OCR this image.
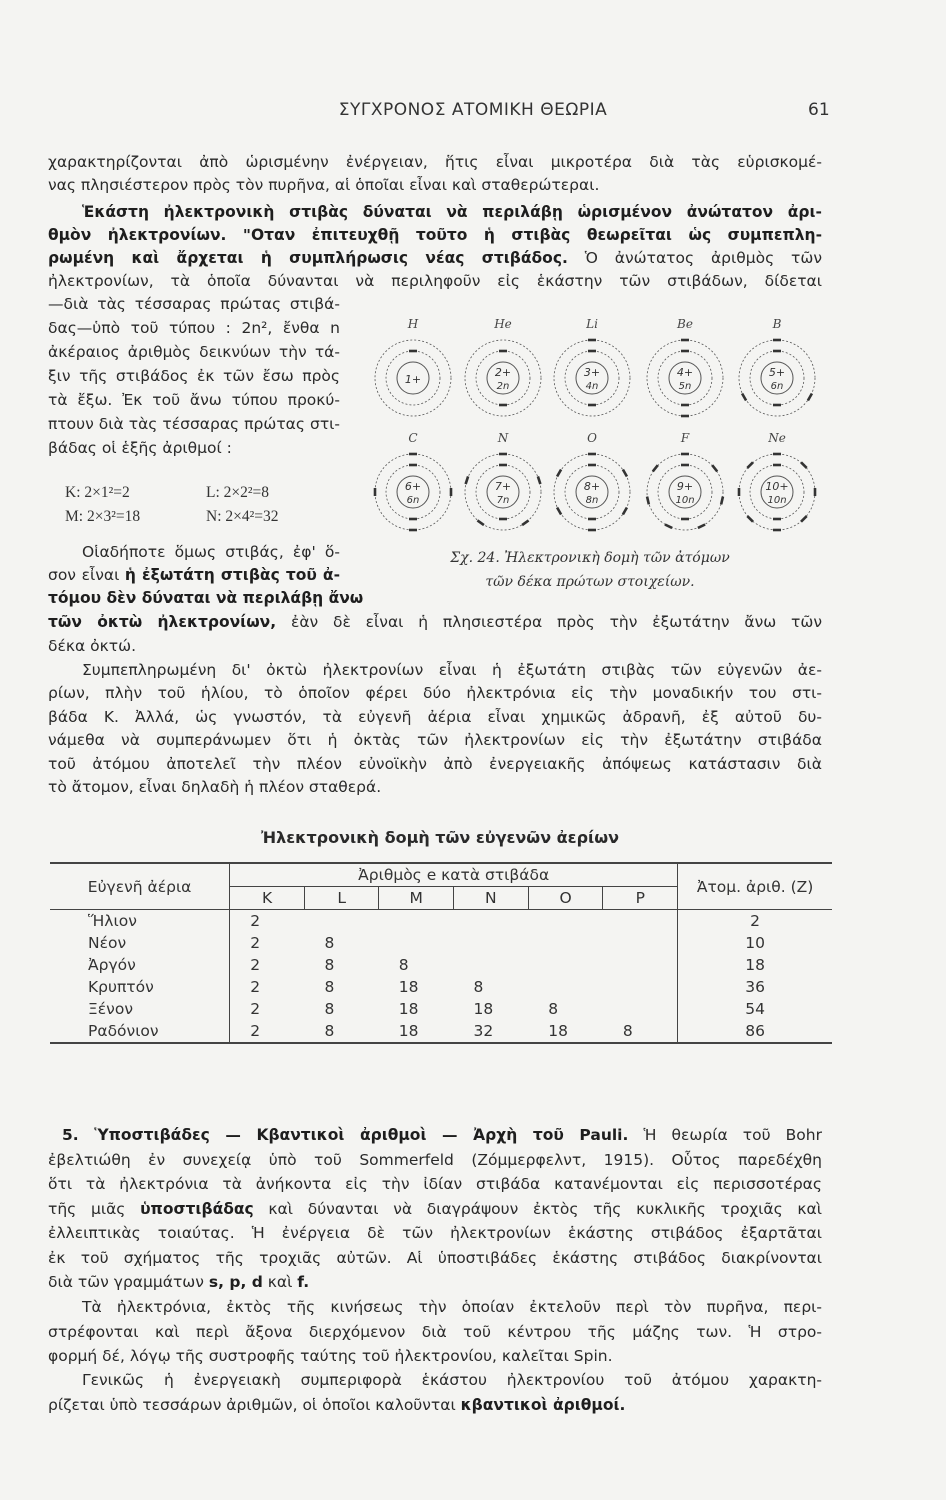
ΣΥΓΧΡΟΝΟΣ ΑΤΟΜΙΚΗ ΘΕΩΡΙΑ	61
χαρακτηρίζονται ἀπὸ ὡρισμένην ἐνέργειαν, ἥτις εἶναι μικροτέρα διὰ τὰς εὑρισκομέ-
νας πλησιέστερον πρὸς τὸν πυρῆνα, αἱ ὁποῖαι εἶναι καὶ σταθερώτεραι.
Ἑκάστη ἠλεκτρονικὴ στιβὰς δύναται νὰ περιλάβῃ ὡρισμένον ἀνώτατον ἀρι-
θμὸν ἠλεκτρονίων. "Οταν ἐπιτευχθῇ τοῦτο ἡ στιβὰς θεωρεῖται ὡς συμπεπλη-
ρωμένη καὶ ἄρχεται ἡ συμπλήρωσις νέας στιβάδος. Ὁ ἀνώτατος ἀριθμὸς τῶν
ἠλεκτρονίων, τὰ ὁποῖα δύνανται νὰ περιληφοῦν εἰς ἑκάστην τῶν στιβάδων, δίδεται
—διὰ τὰς τέσσαρας πρώτας στιβά-
δας—ὑπὸ τοῦ τύπου : 2n², ἔνθα n
ἀκέραιος ἀριθμὸς δεικνύων τὴν τά-
ξιν τῆς στιβάδος ἐκ τῶν ἔσω πρὸς
τὰ ἔξω. Ἐκ τοῦ ἄνω τύπου προκύ-
πτουν διὰ τὰς τέσσαρας πρώτας στι-
βάδας οἱ ἑξῆς ἀριθμοί :
Οἱαδήποτε ὅμως στιβάς, ἐφ' ὅ-
σον εἶναι ἡ ἐξωτάτη στιβὰς τοῦ ἀ-
τόμου δὲν δύναται νὰ περιλάβῃ ἄνω
τῶν ὀκτὼ ἠλεκτρονίων, ἐὰν δὲ εἶναι ἡ πλησιεστέρα πρὸς τὴν ἐξωτάτην ἄνω τῶν
δέκα ὀκτώ.
Συμπεπληρωμένη δι' ὀκτὼ ἠλεκτρονίων εἶναι ἡ ἐξωτάτη στιβὰς τῶν εὐγενῶν ἀε-
ρίων, πλὴν τοῦ ἡλίου, τὸ ὁποῖον φέρει δύο ἠλεκτρόνια εἰς τὴν μοναδικήν του στι-
βάδα K. Ἀλλά, ὡς γνωστόν, τὰ εὐγενῆ ἀέρια εἶναι χημικῶς ἀδρανῆ, ἐξ αὐτοῦ δυ-
νάμεθα νὰ συμπεράνωμεν ὅτι ἡ ὀκτὰς τῶν ἠλεκτρονίων εἰς τὴν ἐξωτάτην στιβάδα
τοῦ ἀτόμου ἀποτελεῖ τὴν πλέον εὐνοϊκὴν ἀπὸ ἐνεργειακῆς ἀπόψεως κατάστασιν διὰ
τὸ ἄτομον, εἶναι δηλαδὴ ἡ πλέον σταθερά.
5. Ὑποστιβάδες — Κβαντικοὶ ἀριθμοὶ — Ἀρχὴ τοῦ Pauli. Ἡ θεωρία τοῦ Bohr
ἐβελτιώθη ἐν συνεχείᾳ ὑπὸ τοῦ Sommerfeld (Ζόμμερφελντ, 1915). Οὗτος παρεδέχθη
ὅτι τὰ ἠλεκτρόνια τὰ ἀνήκοντα εἰς τὴν ἰδίαν στιβάδα κατανέμονται εἰς περισσοτέρας
τῆς μιᾶς ὑποστιβάδας καὶ δύνανται νὰ διαγράψουν ἐκτὸς τῆς κυκλικῆς τροχιᾶς καὶ
ἐλλειπτικὰς τοιαύτας. Ἡ ἐνέργεια δὲ τῶν ἠλεκτρονίων ἑκάστης στιβάδος ἐξαρτᾶται
ἐκ τοῦ σχήματος τῆς τροχιᾶς αὐτῶν. Αἱ ὑποστιβάδες ἑκάστης στιβάδος διακρίνονται
διὰ τῶν γραμμάτων s, p, d καὶ f.
Τὰ ἠλεκτρόνια, ἐκτὸς τῆς κινήσεως τὴν ὁποίαν ἐκτελοῦν περὶ τὸν πυρῆνα, περι-
στρέφονται καὶ περὶ ἄξονα διερχόμενον διὰ τοῦ κέντρου τῆς μάζης των. Ἡ στρο-
φορμή δέ, λόγῳ τῆς συστροφῆς ταύτης τοῦ ἠλεκτρονίου, καλεῖται Spin.
Γενικῶς ἡ ἐνεργειακὴ συμπεριφορὰ ἑκάστου ἠλεκτρονίου τοῦ ἀτόμου χαρακτη-
ρίζεται ὑπὸ τεσσάρων ἀριθμῶν, οἱ ὁποῖοι καλοῦνται κβαντικοὶ ἀριθμοί.
K: 2×1²=2	L: 2×2²=8
M: 2×3²=18	N: 2×4²=32
H
1+
He
2+
2n
Li
3+
4n
Be
4+
5n
B
5+
6n
C
6+
6n
N
7+
7n
O
8+
8n
F
9+
10n
Ne
10+
10n
Σχ. 24. Ἠλεκτρονικὴ δομὴ τῶν ἀτόμων
τῶν δέκα πρώτων στοιχείων.
Ἠλεκτρονικὴ δομὴ τῶν εὐγενῶν ἀερίων
Εὐγενῆ ἀέρια	Ἀριθμὸς e κατὰ στιβάδα						Ἀτομ. ἀριθ. (Z)
	K	L	M	N	O	P	
Ἥλιον	2						2
Νέον	2	8					10
Ἀργόν	2	8	8				18
Κρυπτόν	2	8	18	8			36
Ξένον	2	8	18	18	8		54
Ραδόνιον	2	8	18	32	18	8	86
